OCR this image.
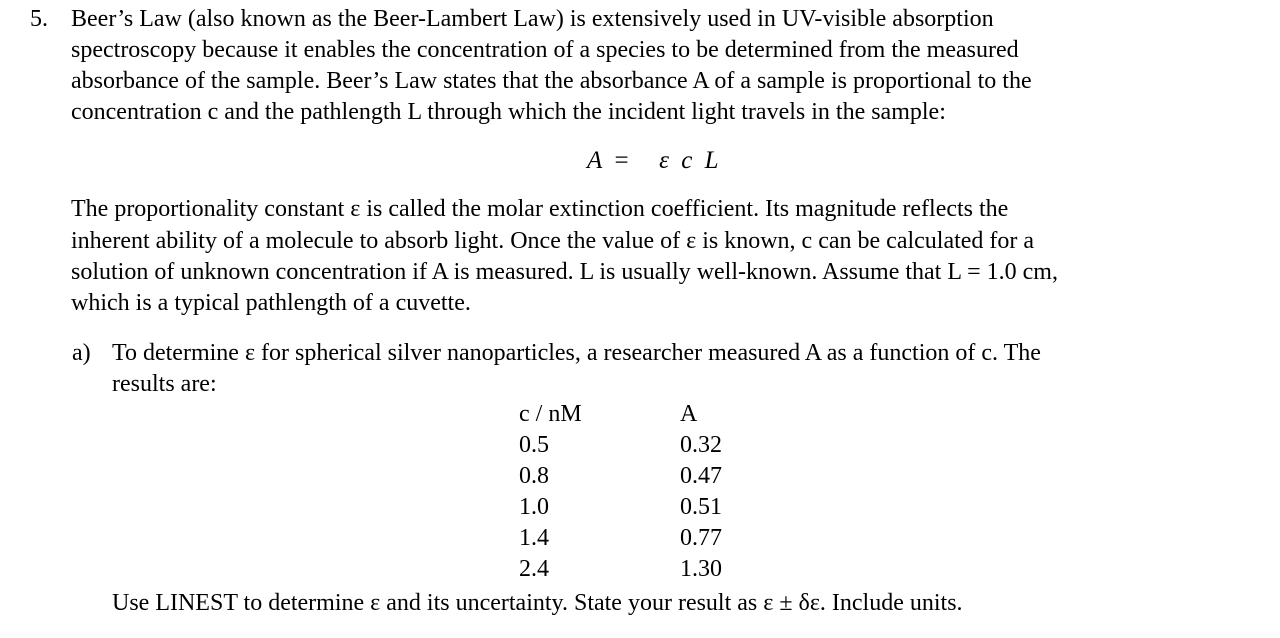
5. Beer’s Law (also known as the Beer-Lambert Law) is extensively used in UV-visible absorption
spectroscopy because it enables the concentration of a species to be determined from the measured
absorbance of the sample. Beer’s Law states that the absorbance A of a sample is proportional to the
concentration c and the pathlength L through which the incident light travels in the sample:
A = ε c L
The proportionality constant ε is called the molar extinction coefficient. Its magnitude reflects the
inherent ability of a molecule to absorb light. Once the value of ε is known, c can be calculated for a
solution of unknown concentration if A is measured. L is usually well-known. Assume that L = 1.0 cm,
which is a typical pathlength of a cuvette.
a) To determine ε for spherical silver nanoparticles, a researcher measured A as a function of c. The
results are:
c / nM	A
0.5	0.32
0.8	0.47
1.0	0.51
1.4	0.77
2.4	1.30
Use LINEST to determine ε and its uncertainty. State your result as ε ± δε. Include units.
